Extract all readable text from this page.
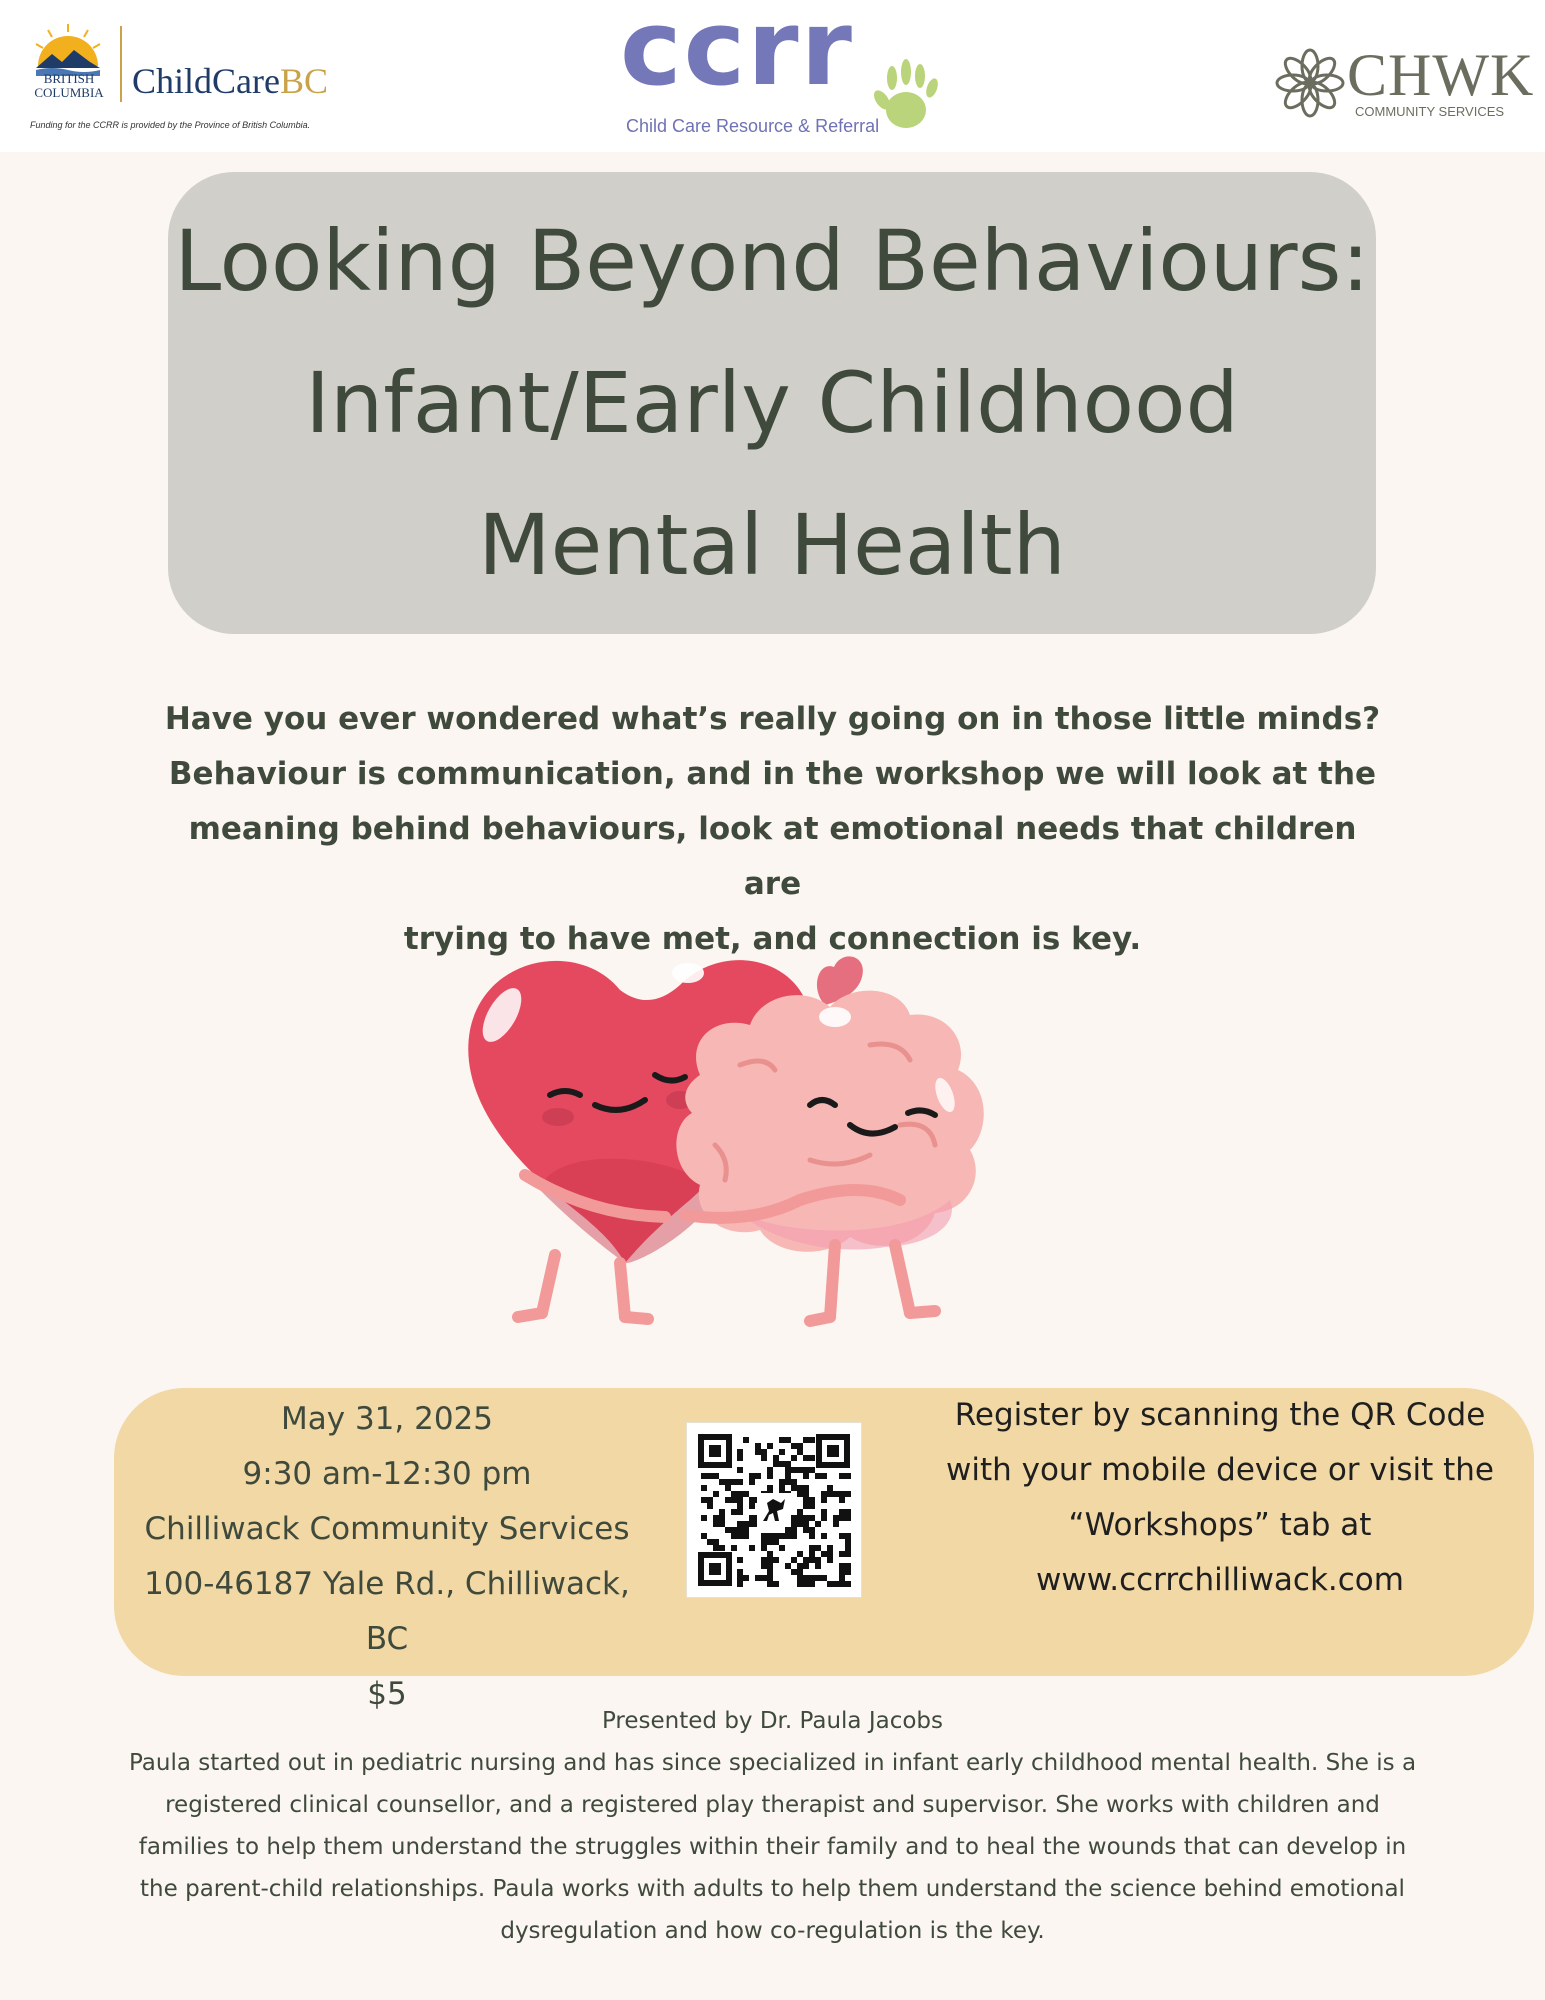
BRITISH
COLUMBIA ChildCareBC
Funding for the CCRR is provided by the Province of British Columbia.
ccrr
Child Care Resource & Referral
CHWK
COMMUNITY SERVICES
Looking Beyond Behaviours:
Infant/Early Childhood
Mental Health
Have you ever wondered what’s really going on in those little minds?
Behaviour is communication, and in the workshop we will look at the
meaning behind behaviours, look at emotional needs that children are
trying to have met, and connection is key.
May 31, 2025
9:30 am-12:30 pm
Chilliwack Community Services
100-46187 Yale Rd., Chilliwack, BC
$5
Register by scanning the QR Code
with your mobile device or visit the
“Workshops” tab at
www.ccrrchilliwack.com
Presented by Dr. Paula Jacobs
Paula started out in pediatric nursing and has since specialized in infant early childhood mental health. She is a
registered clinical counsellor, and a registered play therapist and supervisor. She works with children and
families to help them understand the struggles within their family and to heal the wounds that can develop in
the parent-child relationships. Paula works with adults to help them understand the science behind emotional
dysregulation and how co-regulation is the key.
